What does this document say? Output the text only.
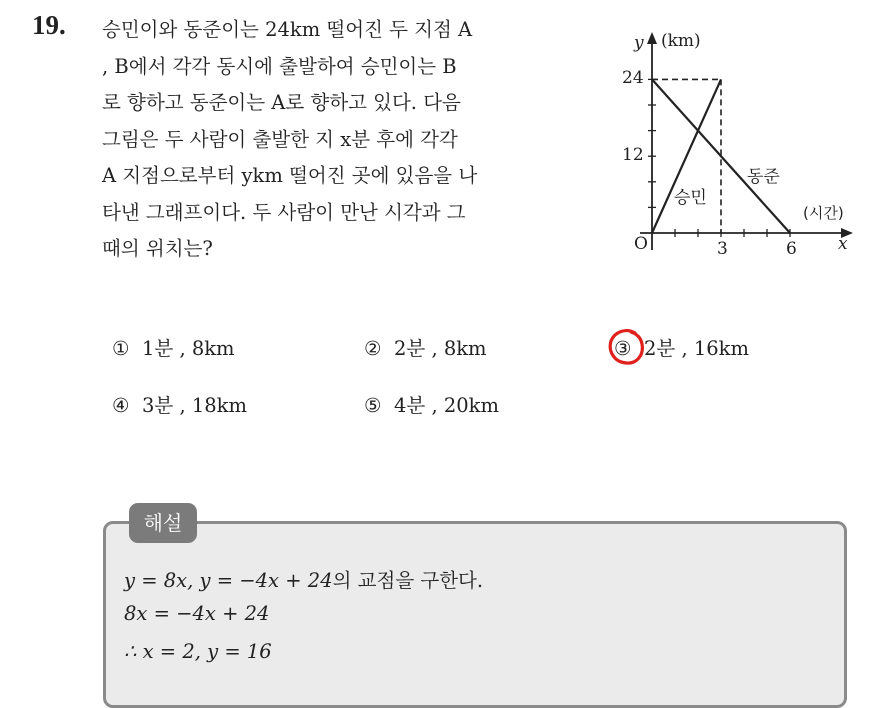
19. 승민이와 동준이는 24km 떨어진 두 지점 A
, B에서 각각 동시에 출발하여 승민이는 B
로 향하고 동준이는 A로 향하고 있다. 다음
그림은 두 사람이 출발한 지 x분 후에 각각
A 지점으로부터 ykm 떨어진 곳에 있음을 나
타낸 그래프이다. 두 사람이 만난 시각과 그
때의 위치는?
y (km)
x
(시간)
O
24
12
3	6
승민
동준
① 1분 , 8km	② 2분 , 8km	③ 2분 , 16km
④ 3분 , 18km	⑤ 4분 , 20km
해설
y = 8x, y = −4x + 24의 교점을 구한다.
8x = −4x + 24
∴ x = 2, y = 16
